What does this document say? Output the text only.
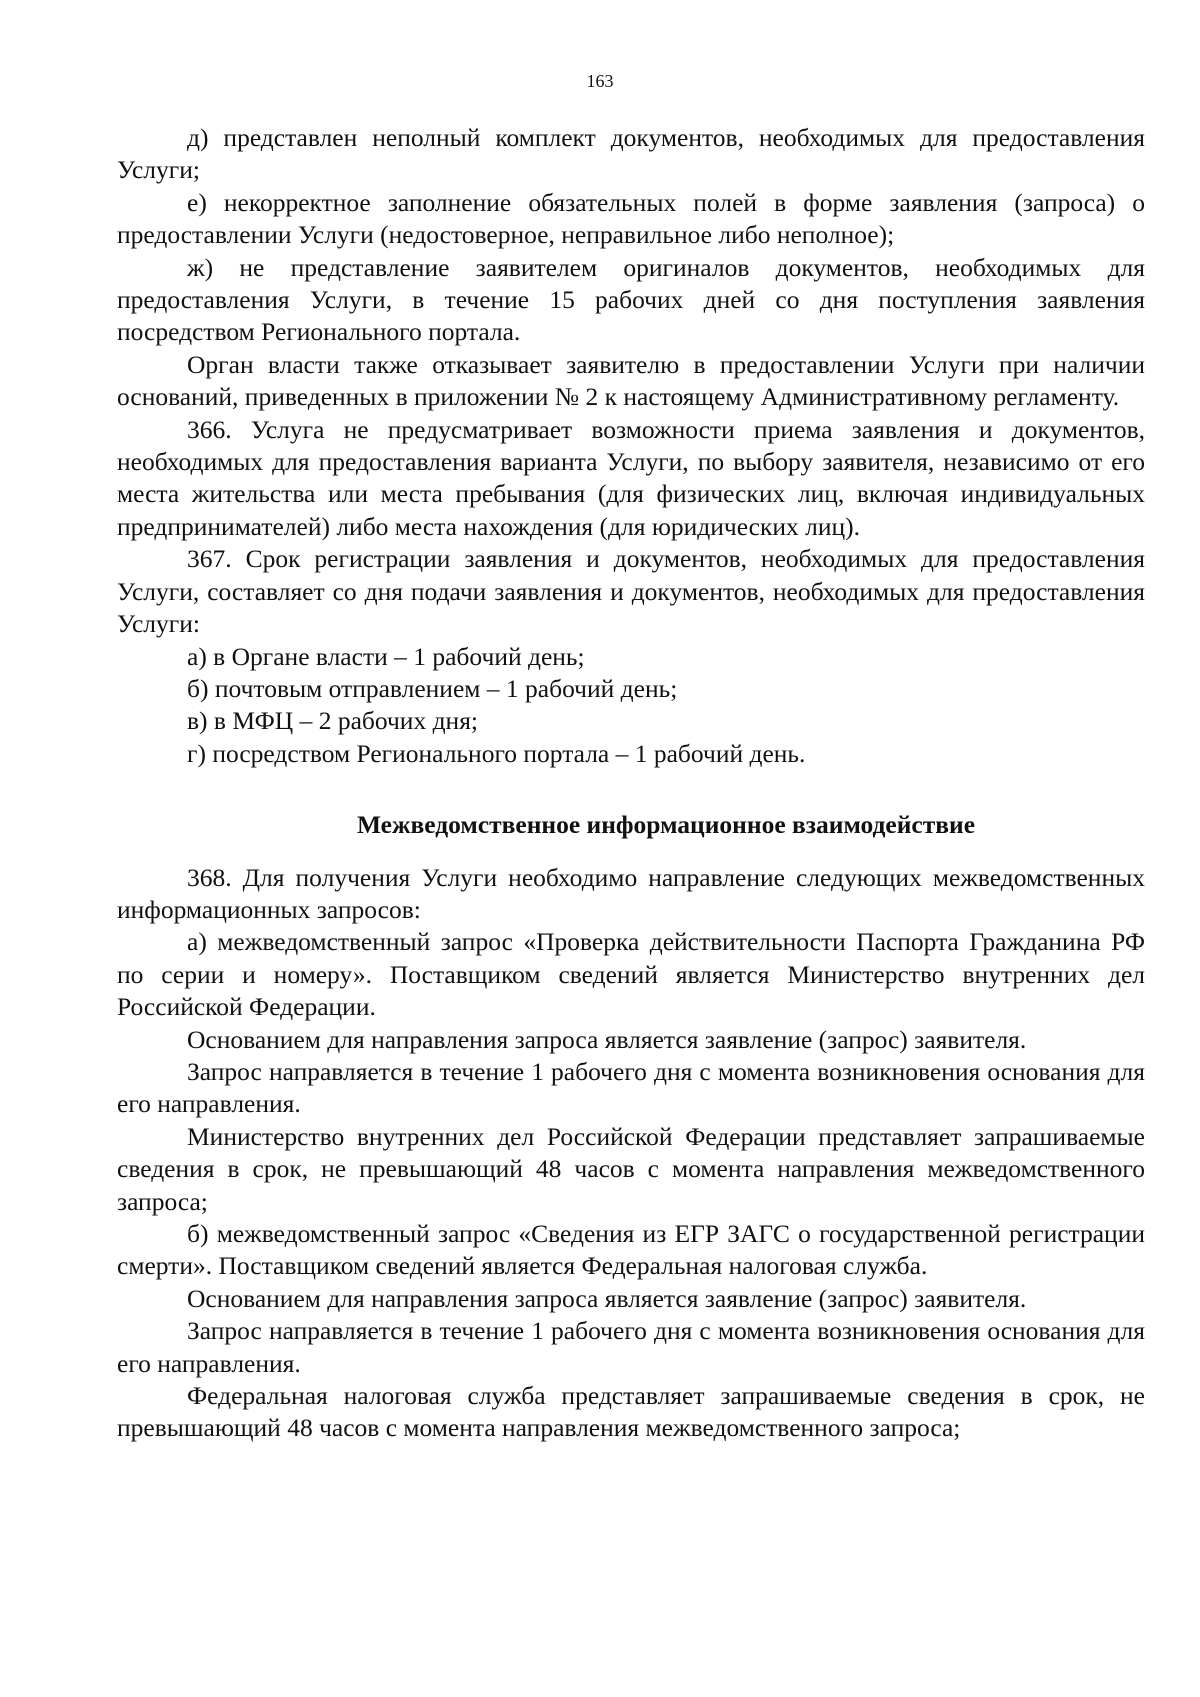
163

д) представлен неполный комплект документов, необходимых для предоставления Услуги;

е) некорректное заполнение обязательных полей в форме заявления (запроса) о предоставлении Услуги (недостоверное, неправильное либо неполное);

ж) не представление заявителем оригиналов документов, необходимых для предоставления Услуги, в течение 15 рабочих дней со дня поступления заявления посредством Регионального портала.

Орган власти также отказывает заявителю в предоставлении Услуги при наличии оснований, приведенных в приложении № 2 к настоящему Административному регламенту.

366. Услуга не предусматривает возможности приема заявления и документов, необходимых для предоставления варианта Услуги, по выбору заявителя, независимо от его места жительства или места пребывания (для физических лиц, включая индивидуальных предпринимателей) либо места нахождения (для юридических лиц).

367. Срок регистрации заявления и документов, необходимых для предоставления Услуги, составляет со дня подачи заявления и документов, необходимых для предоставления Услуги:

а) в Органе власти – 1 рабочий день;

б) почтовым отправлением – 1 рабочий день;

в) в МФЦ – 2 рабочих дня;

г) посредством Регионального портала – 1 рабочий день.

Межведомственное информационное взаимодействие

368. Для получения Услуги необходимо направление следующих межведомственных информационных запросов:

а) межведомственный запрос «Проверка действительности Паспорта Гражданина РФ по серии и номеру». Поставщиком сведений является Министерство внутренних дел Российской Федерации.

Основанием для направления запроса является заявление (запрос) заявителя.

Запрос направляется в течение 1 рабочего дня с момента возникновения основания для его направления.

Министерство внутренних дел Российской Федерации представляет запрашиваемые сведения в срок, не превышающий 48 часов с момента направления межведомственного запроса;

б) межведомственный запрос «Сведения из ЕГР ЗАГС о государственной регистрации смерти». Поставщиком сведений является Федеральная налоговая служба.

Основанием для направления запроса является заявление (запрос) заявителя.

Запрос направляется в течение 1 рабочего дня с момента возникновения основания для его направления.

Федеральная налоговая служба представляет запрашиваемые сведения в срок, не превышающий 48 часов с момента направления межведомственного запроса;
